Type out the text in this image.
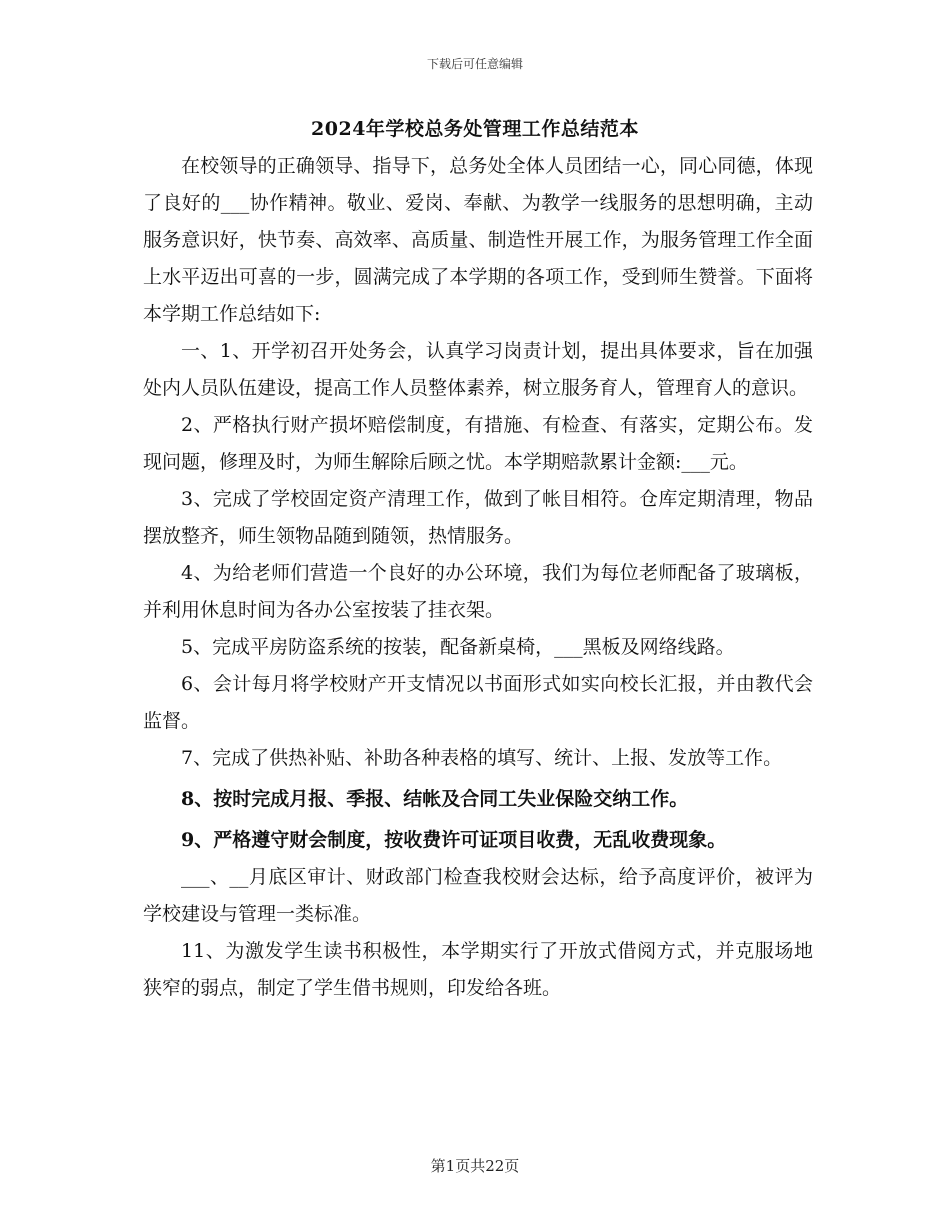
下载后可任意编辑
2024年学校总务处管理工作总结范本

在校领导的正确领导、指导下，总务处全体人员团结一心，同心同德，体现了良好的___协作精神。敬业、爱岗、奉献、为教学一线服务的思想明确，主动服务意识好，快节奏、高效率、高质量、制造性开展工作，为服务管理工作全面上水平迈出可喜的一步，圆满完成了本学期的各项工作，受到师生赞誉。下面将本学期工作总结如下:

一、1、开学初召开处务会，认真学习岗责计划，提出具体要求，旨在加强处内人员队伍建设，提高工作人员整体素养，树立服务育人，管理育人的意识。

2、严格执行财产损坏赔偿制度，有措施、有检查、有落实，定期公布。发现问题，修理及时，为师生解除后顾之忧。本学期赔款累计金额:___元。

3、完成了学校固定资产清理工作，做到了帐目相符。仓库定期清理，物品摆放整齐，师生领物品随到随领，热情服务。

4、为给老师们营造一个良好的办公环境，我们为每位老师配备了玻璃板，并利用休息时间为各办公室按装了挂衣架。

5、完成平房防盗系统的按装，配备新桌椅，___黑板及网络线路。

6、会计每月将学校财产开支情况以书面形式如实向校长汇报，并由教代会监督。

7、完成了供热补贴、补助各种表格的填写、统计、上报、发放等工作。

8、按时完成月报、季报、结帐及合同工失业保险交纳工作。

9、严格遵守财会制度，按收费许可证项目收费，无乱收费现象。

___、__月底区审计、财政部门检查我校财会达标，给予高度评价，被评为学校建设与管理一类标准。

11、为激发学生读书积极性，本学期实行了开放式借阅方式，并克服场地狭窄的弱点，制定了学生借书规则，印发给各班。

第1页共22页
